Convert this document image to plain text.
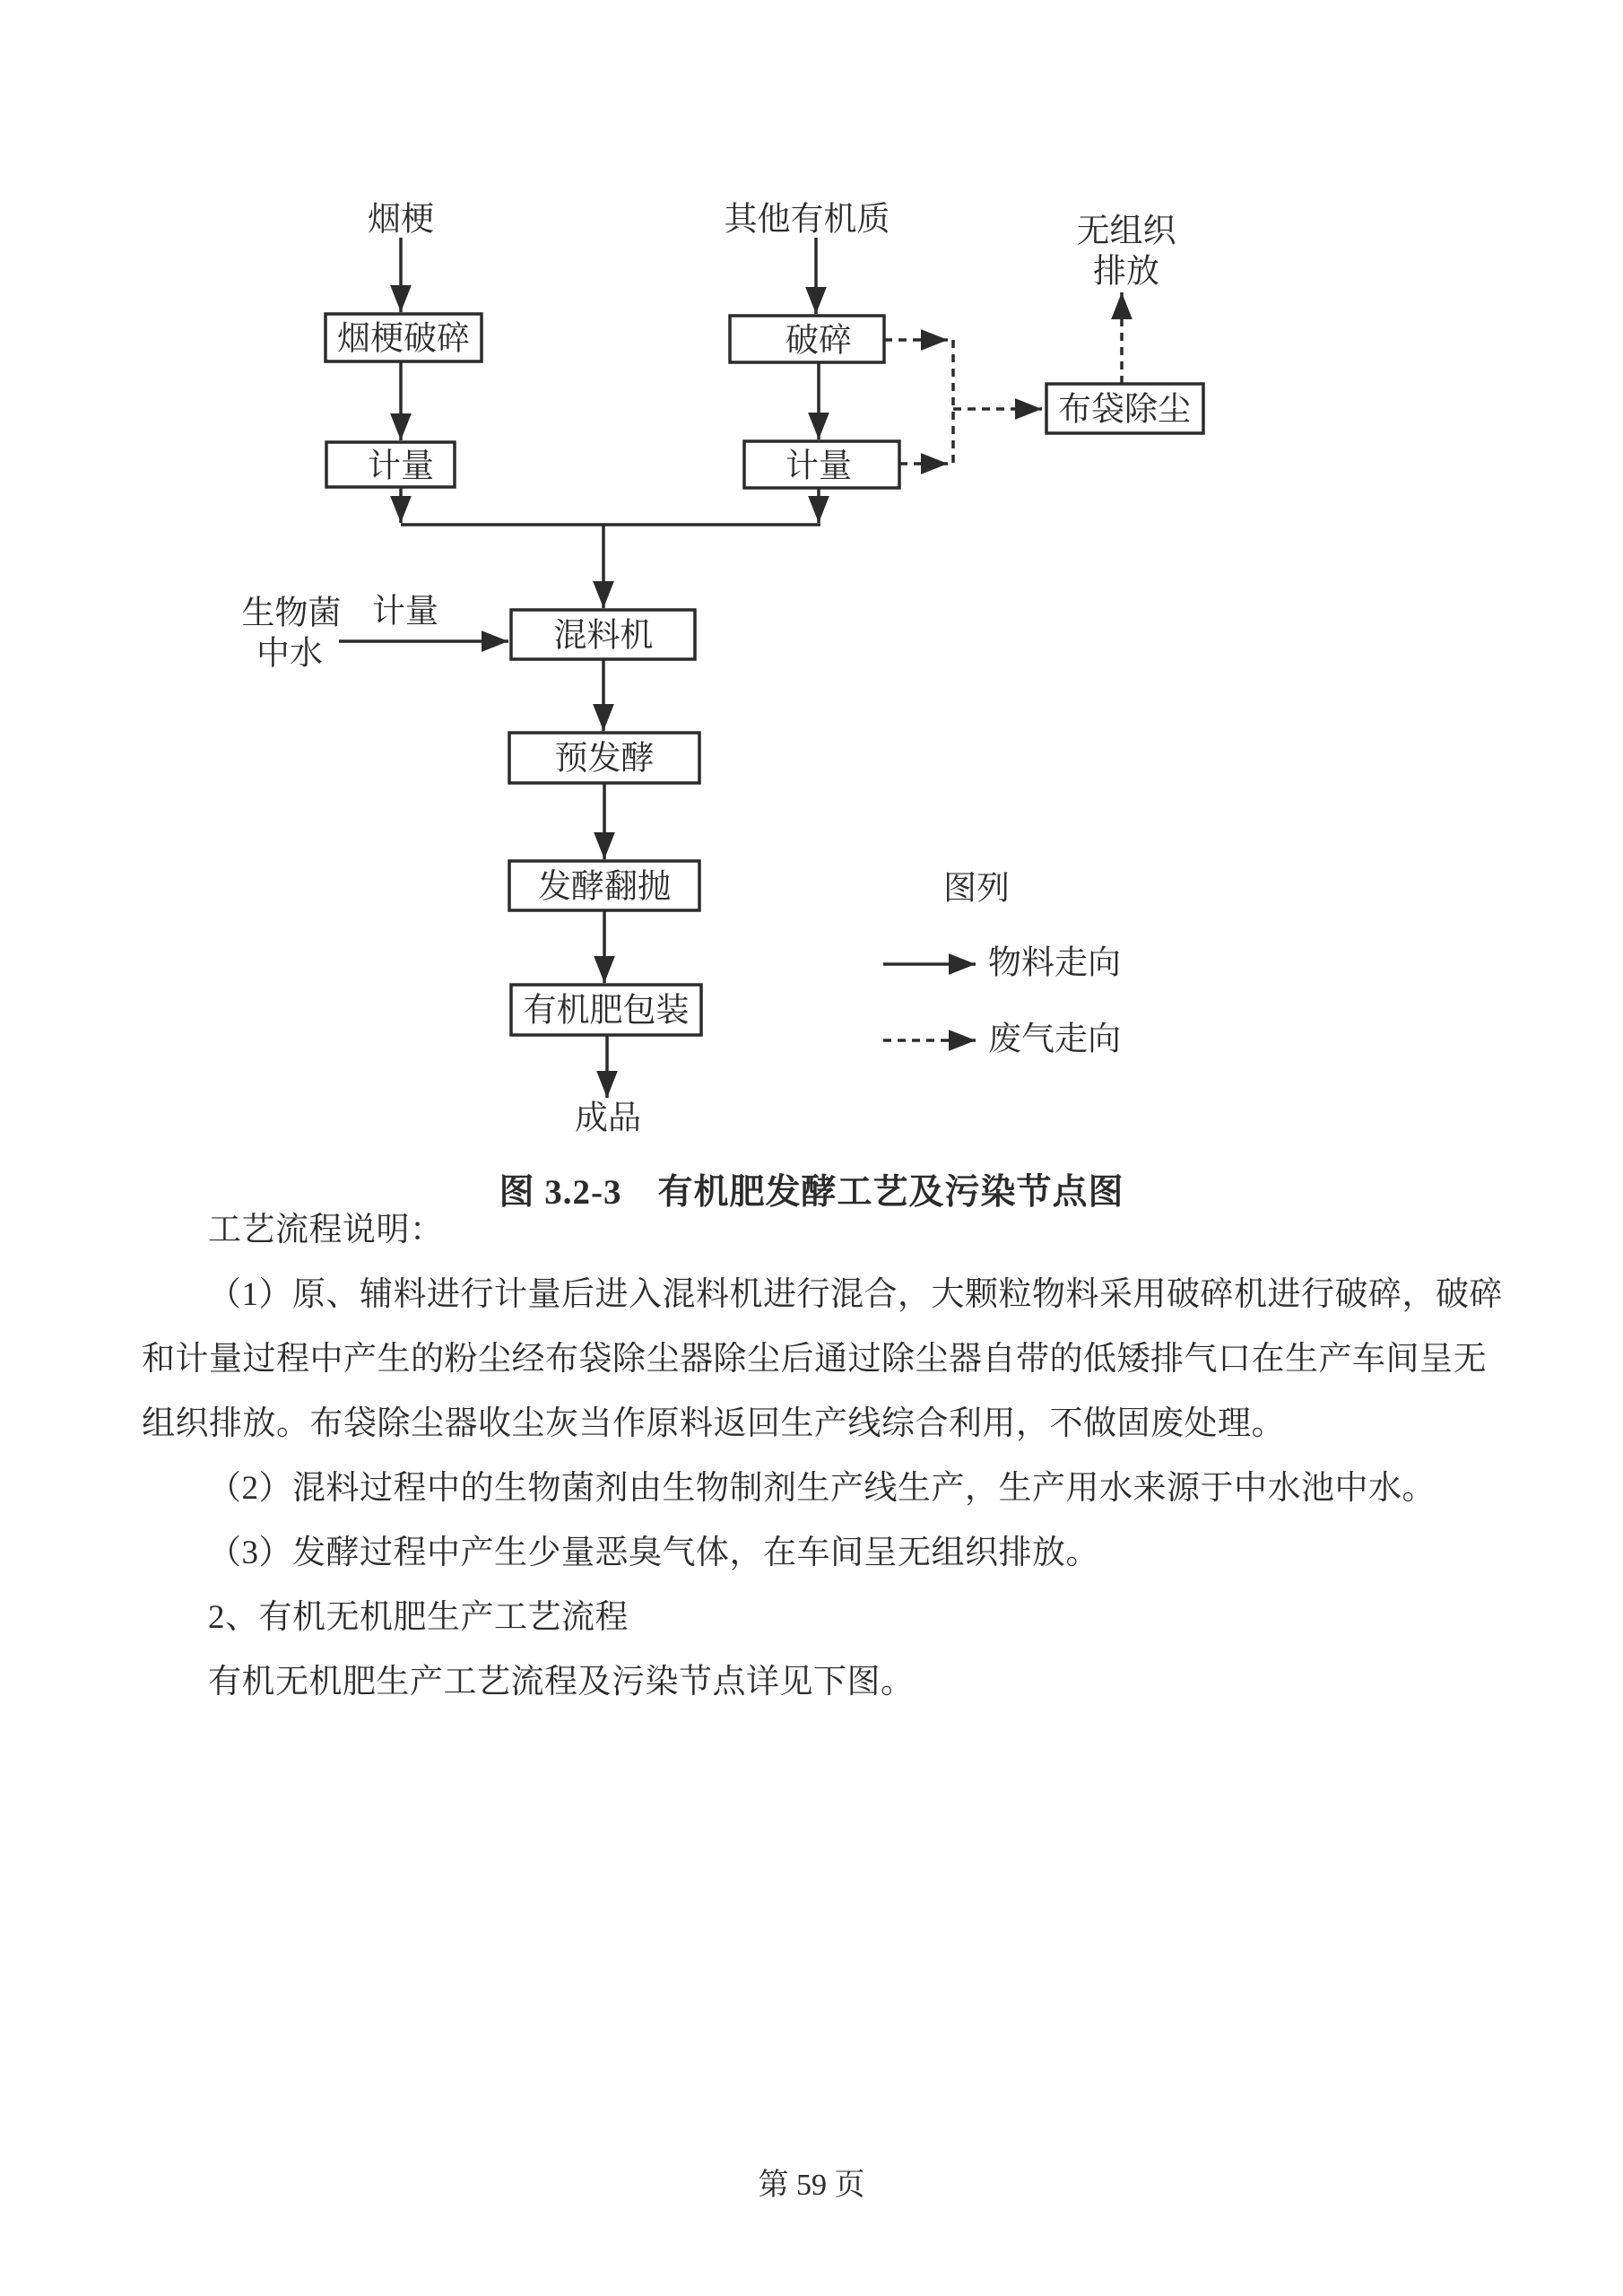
烟梗	其他有机质	无组织
排放
生物菌
中水
计量
成品
烟梗破碎	破碎
计量	计量
布袋除尘
混料机
预发酵
发酵翻抛
有机肥包装
图列
物料走向
废气走向
图 3.2-3　有机肥发酵工艺及污染节点图
工艺流程说明：
（1）原、辅料进行计量后进入混料机进行混合，大颗粒物料采用破碎机进行破碎，破碎
和计量过程中产生的粉尘经布袋除尘器除尘后通过除尘器自带的低矮排气口在生产车间呈无
组织排放。布袋除尘器收尘灰当作原料返回生产线综合利用，不做固废处理。
（2）混料过程中的生物菌剂由生物制剂生产线生产，生产用水来源于中水池中水。
（3）发酵过程中产生少量恶臭气体，在车间呈无组织排放。
2、有机无机肥生产工艺流程
有机无机肥生产工艺流程及污染节点详见下图。
第 59 页
